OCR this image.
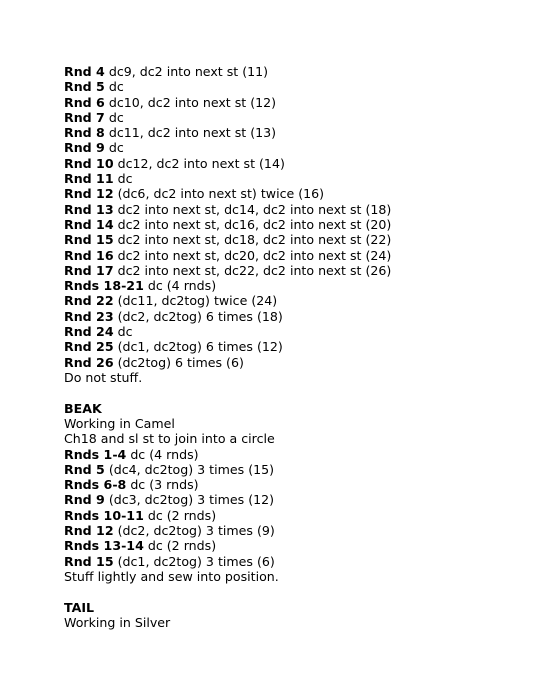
Rnd 4 dc9, dc2 into next st (11)
Rnd 5 dc
Rnd 6 dc10, dc2 into next st (12)
Rnd 7 dc
Rnd 8 dc11, dc2 into next st (13)
Rnd 9 dc
Rnd 10 dc12, dc2 into next st (14)
Rnd 11 dc
Rnd 12 (dc6, dc2 into next st) twice (16)
Rnd 13 dc2 into next st, dc14, dc2 into next st (18)
Rnd 14 dc2 into next st, dc16, dc2 into next st (20)
Rnd 15 dc2 into next st, dc18, dc2 into next st (22)
Rnd 16 dc2 into next st, dc20, dc2 into next st (24)
Rnd 17 dc2 into next st, dc22, dc2 into next st (26)
Rnds 18-21 dc (4 rnds)
Rnd 22 (dc11, dc2tog) twice (24)
Rnd 23 (dc2, dc2tog) 6 times (18)
Rnd 24 dc
Rnd 25 (dc1, dc2tog) 6 times (12)
Rnd 26 (dc2tog) 6 times (6)
Do not stuff.
BEAK
Working in Camel
Ch18 and sl st to join into a circle
Rnds 1-4 dc (4 rnds)
Rnd 5 (dc4, dc2tog) 3 times (15)
Rnds 6-8 dc (3 rnds)
Rnd 9 (dc3, dc2tog) 3 times (12)
Rnds 10-11 dc (2 rnds)
Rnd 12 (dc2, dc2tog) 3 times (9)
Rnds 13-14 dc (2 rnds)
Rnd 15 (dc1, dc2tog) 3 times (6)
Stuff lightly and sew into position.
TAIL
Working in Silver
